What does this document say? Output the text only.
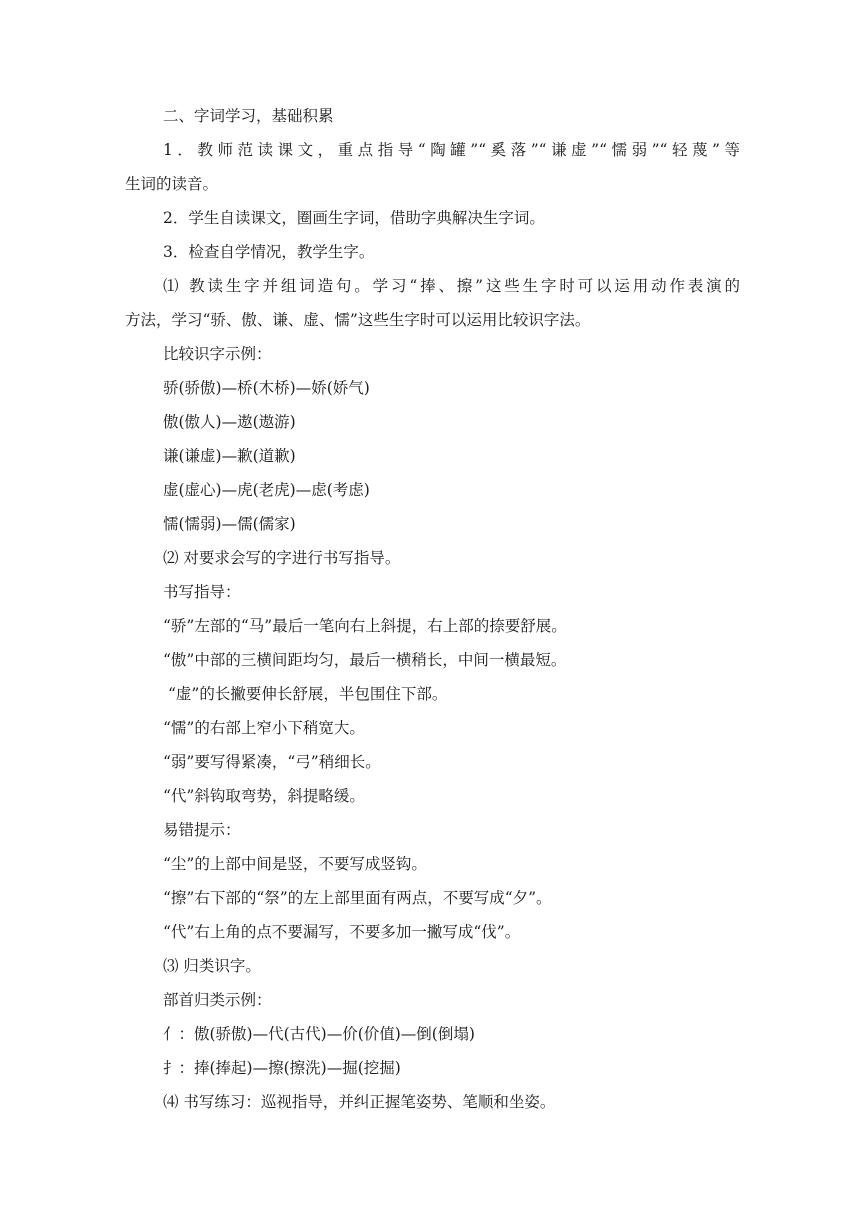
二、字词学习，基础积累
1．教师范读课文，重点指导“陶罐”“奚落”“谦虚”“懦弱”“轻蔑”等
生词的读音。
2．学生自读课文，圈画生字词，借助字典解决生字词。
3．检查自学情况，教学生字。
⑴ 教读生字并组词造句。学习“捧、擦”这些生字时可以运用动作表演的
方法，学习“骄、傲、谦、虚、懦”这些生字时可以运用比较识字法。
比较识字示例：
骄(骄傲)—桥(木桥)—娇(娇气)
傲(傲人)—遨(遨游)
谦(谦虚)—歉(道歉)
虚(虚心)—虎(老虎)—虑(考虑)
懦(懦弱)—儒(儒家)
⑵ 对要求会写的字进行书写指导。
书写指导：
“骄”左部的“马”最后一笔向右上斜提，右上部的捺要舒展。
“傲”中部的三横间距均匀，最后一横稍长，中间一横最短。
“虚”的长撇要伸长舒展，半包围住下部。
“懦”的右部上窄小下稍宽大。
“弱”要写得紧凑，“弓”稍细长。
“代”斜钩取弯势，斜提略缓。
易错提示：
“尘”的上部中间是竖，不要写成竖钩。
“擦”右下部的“祭”的左上部里面有两点，不要写成“夕”。
“代”右上角的点不要漏写，不要多加一撇写成“伐”。
⑶ 归类识字。
部首归类示例：
亻：傲(骄傲)—代(古代)—价(价值)—倒(倒塌)
扌：捧(捧起)—擦(擦洗)—掘(挖掘)
⑷ 书写练习：巡视指导，并纠正握笔姿势、笔顺和坐姿。
